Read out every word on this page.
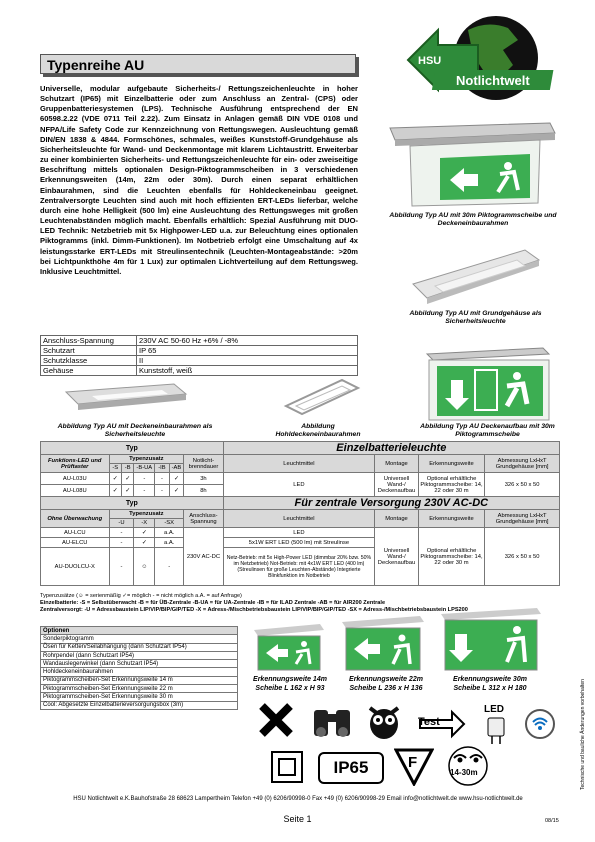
Typenreihe AU	HSU
Notlichtwelt
Universelle, modular aufgebaute Sicherheits-/ Rettungszeichenleuchte in hoher Schutzart (IP65) mit Einzelbatterie oder zum Anschluss an Zentral- (CPS) oder Gruppenbatteriesystemen (LPS). Technische Ausführung entsprechend der EN 60598.2.22 (VDE 0711 Teil 2.22). Zum Einsatz in Anlagen gemäß DIN VDE 0108 und NFPA/Life Safety Code zur Kennzeichnung von Rettungswegen. Ausleuchtung gemäß DIN/EN 1838 & 4844. Formschönes, schmales, weißes Kunststoff-Grundgehäuse als Sicherheitsleuchte für Wand- und Deckenmontage mit klarem Lichtaustritt. Erweiterbar zu einer kombinierten Sicherheits- und Rettungszeichenleuchte für ein- oder zweiseitige Beschriftung mittels optionalen Design-Piktogrammscheiben in 3 verschiedenen Erkennungsweiten (14m, 22m oder 30m). Durch einen separat erhältlichen Einbaurahmen, sind die Leuchten ebenfalls für Hohldeckeneinbau geeignet. Zentralversorgte Leuchten sind auch mit hoch effizienten ERT-LEDs lieferbar, welche durch eine hohe Helligkeit (500 lm) eine Ausleuchtung des Rettungsweges mit großen Leuchtenabständen möglich macht. Ebenfalls erhältlich: Spezial Ausführung mit DUO-LED Technik: Netzbetrieb mit 5x Highpower-LED u.a. zur Beleuchtung eines optionalen Piktogramms (inkl. Dimm-Funktionen). Im Notbetrieb erfolgt eine Umschaltung auf 4x leistungsstarke ERT-LEDs mit Streulinsentechnik (Leuchten-Montageabstände: >20m bei Lichtpunkthöhe 4m für 1 Lux) zur optimalen Lichtverteilung auf dem Rettungsweg. Inklusive Leuchtmittel.
Anschluss-Spannung	230V AC 50-60 Hz +6% / -8%
Schutzart	IP 65
Schutzklasse	II
Gehäuse	Kunststoff, weiß
Abbildung Typ AU mit 30m Piktogrammscheibe und Deckeneinbaurahmen
Abbildung Typ AU mit Grundgehäuse als Sicherheitsleuchte
Abbildung Typ AU mit Deckeneinbaurahmen als Sicherheitsleuchte
Abbildung Hohldeckeneinbaurahmen
Abbildung Typ AU Deckenaufbau mit 30m Piktogrammscheibe
Typ							Einzelbatterieleuchte			
Funktions-LED und Prüftaster	Typenzusatz					Notlicht-brenndauer	Leuchtmittel	Montage	Erkennungsweite	Abmessung LxHxT Grundgehäuse [mm]
	-S	-B	-B-UA	-IB	-AB					
AU-L03U	✓	✓	-	-	✓	3h	LED	Universell Wand-/ Deckenaufbau	Optional erhältliche Piktogrammscheibe: 14, 22 oder 30 m	326 x 50 x 50
AU-L08U	✓	✓	-	-	✓	8h				
Typ							Für zentrale Versorgung 230V AC-DC			
Ohne Überwachung	Typenzusatz					Anschluss-Spannung	Leuchtmittel	Montage	Erkennungsweite	Abmessung LxHxT Grundgehäuse [mm]
	-U		-X	-SX						
AU-LCU	-		✓	a.A.		230V AC-DC	LED	Universell Wand-/ Deckenaufbau	Optional erhältliche Piktogrammscheibe: 14, 22 oder 30 m	326 x 50 x 50
AU-ELCU	-		✓	a.A.			5x1W ERT LED (500 lm) mit Streulinse			
AU-DUOLCU-X	-		☺	-			Netz-Betrieb: mit 5x High-Power LED (dimmbar 20% bzw. 50% im Netzbetrieb) Not-Betrieb: mit 4x1W ERT LED (400 lm) (Streulinsen für große Leuchten-Abstände) Integrierte Blinkfunktion im Notbetrieb			
Typenzusätze (☺ = serienmäßig ✓= möglich - = nicht möglich a.A. = auf Anfrage)
Einzelbatterie: -S = Selbstüberwacht -B = für ÜB-Zentrale -B-UA = für UA-Zentrale -IB = für ILAD Zentrale -AB = für AIR200 Zentrale
Zentralversorgt: -U = Adressbaustein LIP/VIP/BIP/GIP/TED -X = Adress-/Mischbetriebsbaustein LIP/VIP/BIP/GIP/TED -SX = Adress-/Mischbetriebsbaustein LPS200
Optionen
Sonderpiktogramm
Ösen für Ketten/Seilabhängung (dann Schutzart IP54)
Rohrpendel (dann Schutzart IP54)
Wandauslegerwinkel (dann Schutzart IP54)
Hohldeckeneinbaurahmen
Piktogrammscheiben-Set Erkennungsweite 14 m
Piktogrammscheiben-Set Erkennungsweite 22 m
Piktogrammscheiben-Set Erkennungsweite 30 m
Cool: Abgesetzte Einzelbatterieversorgungsbox (3m)
Erkennungsweite 14m
Scheibe L 162 x H 93
Erkennungsweite 22m
Scheibe L 236 x H 136
Erkennungsweite 30m
Scheibe L 312 x H 180
Test
LED
IP65	F
14-30m	Technische und bauliche Änderungen vorbehalten
HSU Notlichtwelt e.K.Bauhofstraße 28 68623 Lampertheim Telefon +49 (0) 6206/90998-0 Fax +49 (0) 6206/90998-29 Email info@notlichtwelt.de www.hsu-notlichtwelt.de
Seite 1	08/15
